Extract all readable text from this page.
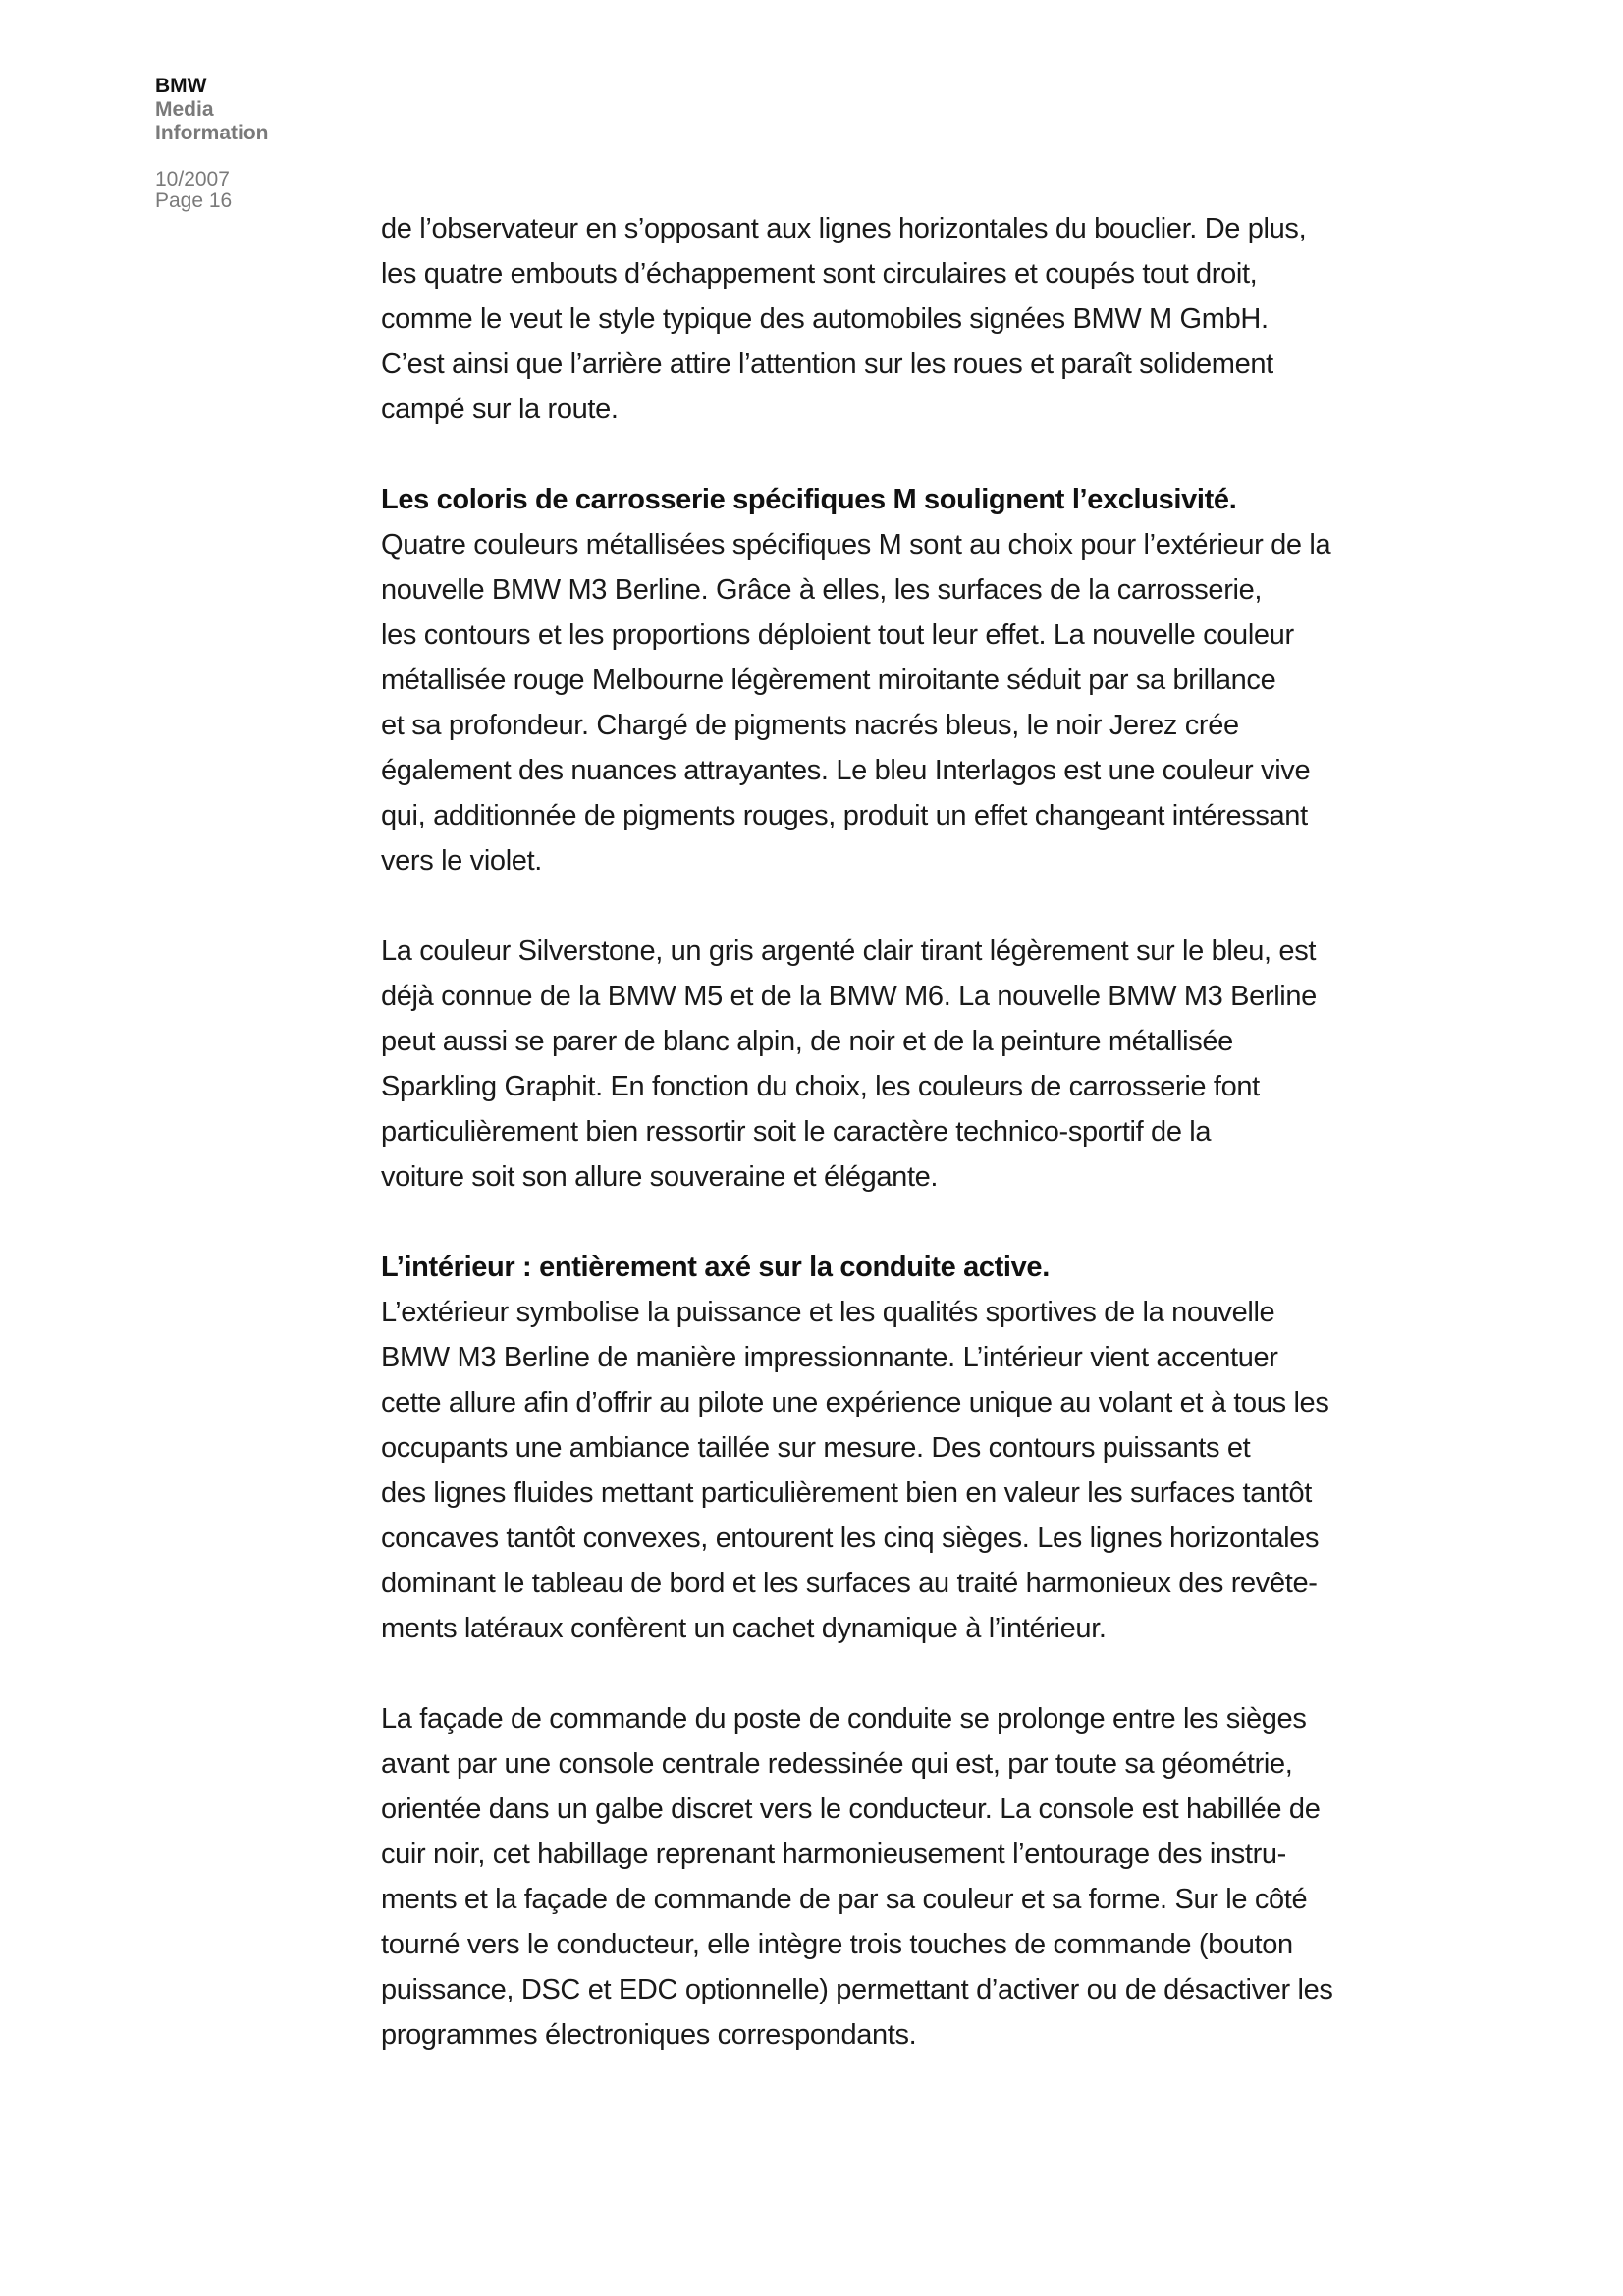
BMW

Media

Information

10/2007

Page 16

de l’observateur en s’opposant aux lignes horizontales du bouclier. De plus,
les quatre embouts d’échappement sont circulaires et coupés tout droit,
comme le veut le style typique des automobiles signées BMW M GmbH.
C’est ainsi que l’arrière attire l’attention sur les roues et paraît solidement
campé sur la route.

Les coloris de carrosserie spécifiques M soulignent l’exclusivité.
Quatre couleurs métallisées spécifiques M sont au choix pour l’extérieur de la
nouvelle BMW M3 Berline. Grâce à elles, les surfaces de la carrosserie,
les contours et les proportions déploient tout leur effet. La nouvelle couleur
métallisée rouge Melbourne légèrement miroitante séduit par sa brillance
et sa profondeur. Chargé de pigments nacrés bleus, le noir Jerez crée
également des nuances attrayantes. Le bleu Interlagos est une couleur vive
qui, additionnée de pigments rouges, produit un effet changeant intéressant
vers le violet.

La couleur Silverstone, un gris argenté clair tirant légèrement sur le bleu, est
déjà connue de la BMW M5 et de la BMW M6. La nouvelle BMW M3 Berline
peut aussi se parer de blanc alpin, de noir et de la peinture métallisée
Sparkling Graphit. En fonction du choix, les couleurs de carrosserie font
particulièrement bien ressortir soit le caractère technico-sportif de la
voiture soit son allure souveraine et élégante.

L’intérieur : entièrement axé sur la conduite active.
L’extérieur symbolise la puissance et les qualités sportives de la nouvelle
BMW M3 Berline de manière impressionnante. L’intérieur vient accentuer
cette allure afin d’offrir au pilote une expérience unique au volant et à tous les
occupants une ambiance taillée sur mesure. Des contours puissants et
des lignes fluides mettant particulièrement bien en valeur les surfaces tantôt
concaves tantôt convexes, entourent les cinq sièges. Les lignes horizontales
dominant le tableau de bord et les surfaces au traité harmonieux des revête-
ments latéraux confèrent un cachet dynamique à l’intérieur.

La façade de commande du poste de conduite se prolonge entre les sièges
avant par une console centrale redessinée qui est, par toute sa géométrie,
orientée dans un galbe discret vers le conducteur. La console est habillée de
cuir noir, cet habillage reprenant harmonieusement l’entourage des instru-
ments et la façade de commande de par sa couleur et sa forme. Sur le côté
tourné vers le conducteur, elle intègre trois touches de commande (bouton
puissance, DSC et EDC optionnelle) permettant d’activer ou de désactiver les
programmes électroniques correspondants.
